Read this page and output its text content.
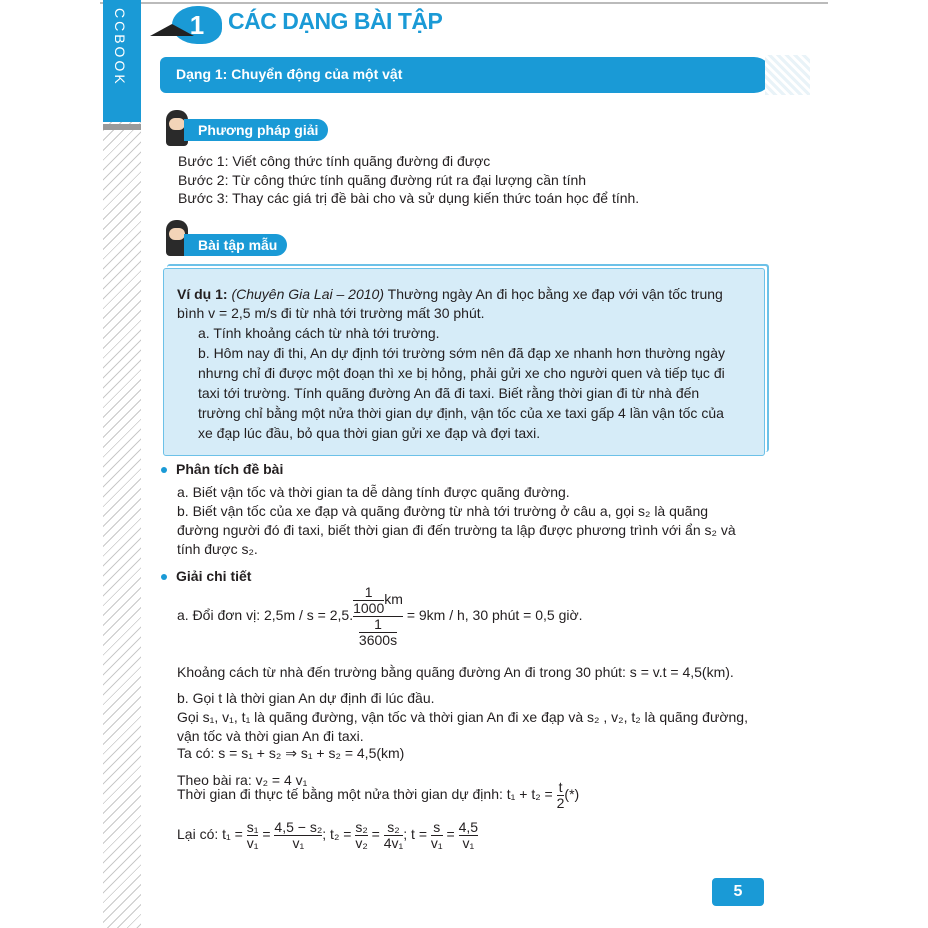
CCBOOK	1	CÁC DẠNG BÀI TẬP
Dạng 1: Chuyển động của một vật
Phương pháp giải
Bước 1: Viết công thức tính quãng đường đi được
Bước 2: Từ công thức tính quãng đường rút ra đại lượng cần tính
Bước 3: Thay các giá trị đề bài cho và sử dụng kiến thức toán học để tính.
Bài tập mẫu
Ví dụ 1: (Chuyên Gia Lai – 2010) Thường ngày An đi học bằng xe đạp với vận tốc trung
bình v = 2,5 m/s đi từ nhà tới trường mất 30 phút.
a. Tính khoảng cách từ nhà tới trường.
b. Hôm nay đi thi, An dự định tới trường sớm nên đã đạp xe nhanh hơn thường ngày
nhưng chỉ đi được một đoạn thì xe bị hỏng, phải gửi xe cho người quen và tiếp tục đi
taxi tới trường. Tính quãng đường An đã đi taxi. Biết rằng thời gian đi từ nhà đến
trường chỉ bằng một nửa thời gian dự định, vận tốc của xe taxi gấp 4 lần vận tốc của
xe đạp lúc đầu, bỏ qua thời gian gửi xe đạp và đợi taxi.
Phân tích đề bài
a. Biết vận tốc và thời gian ta dễ dàng tính được quãng đường.
b. Biết vận tốc của xe đạp và quãng đường từ nhà tới trường ở câu a, gọi s₂ là quãng
đường người đó đi taxi, biết thời gian đi đến trường ta lập được phương trình với ẩn s₂ và
tính được s₂.
Giải chi tiết
a. Đổi đơn vị: 2,5m / s = 2,5. $\frac{\frac{1}{1000} km}{\frac{1}{3600s}} = 9km / h$, 30 phút = 0,5 giờ.
Khoảng cách từ nhà đến trường bằng quãng đường An đi trong 30 phút: s = v.t = 4,5(km).
b. Gọi t là thời gian An dự định đi lúc đầu.
Gọi s₁, v₁, t₁ là quãng đường, vận tốc và thời gian An đi xe đạp và s₂ , v₂, t₂ là quãng đường,
vận tốc và thời gian An đi taxi.
Ta có: s = s₁ + s₂ ⇒ s₁ + s₂ = 4,5(km)
Theo bài ra: v₂ = 4 v₁
Thời gian đi thực tế bằng một nửa thời gian dự định: $t_1 + t_2 = \frac{t}{2}$ (*)
Lại có: $t_1 = \frac{\text{s₁}}{\text{v₁}} = \frac{\text{4,5 − s₂}}{\text{v₁}}$ ; $t_2 = \frac{\text{s₂}}{\text{v₂}} = \frac{\text{s₂}}{\text{4v₁}}$ ; $t = \frac{s}{\text{v₁}} = \frac{4,5}{\text{v₁}}$
5
